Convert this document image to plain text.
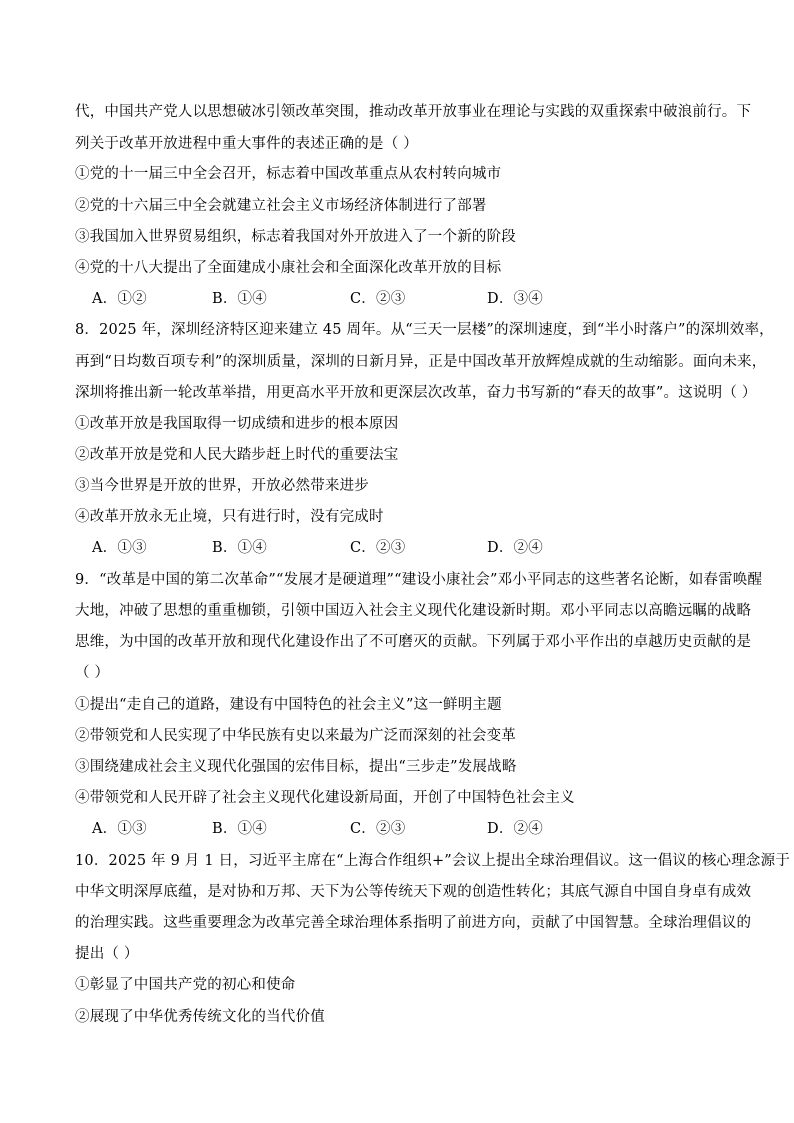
代，中国共产党人以思想破冰引领改革突围，推动改革开放事业在理论与实践的双重探索中破浪前行。下
列关于改革开放进程中重大事件的表述正确的是（ ）
①党的十一届三中全会召开，标志着中国改革重点从农村转向城市
②党的十六届三中全会就建立社会主义市场经济体制进行了部署
③我国加入世界贸易组织，标志着我国对外开放进入了一个新的阶段
④党的十八大提出了全面建成小康社会和全面深化改革开放的目标
A．①②	B．①④	C．②③	D．③④
8．2025 年，深圳经济特区迎来建立 45 周年。从“三天一层楼”的深圳速度，到“半小时落户”的深圳效率，
再到“日均数百项专利”的深圳质量，深圳的日新月异，正是中国改革开放辉煌成就的生动缩影。面向未来，
深圳将推出新一轮改革举措，用更高水平开放和更深层次改革，奋力书写新的“春天的故事”。这说明（ ）
①改革开放是我国取得一切成绩和进步的根本原因
②改革开放是党和人民大踏步赶上时代的重要法宝
③当今世界是开放的世界，开放必然带来进步
④改革开放永无止境，只有进行时，没有完成时
A．①③	B．①④	C．②③	D．②④
9．“改革是中国的第二次革命”“发展才是硬道理”“建设小康社会”邓小平同志的这些著名论断，如春雷唤醒
大地，冲破了思想的重重枷锁，引领中国迈入社会主义现代化建设新时期。邓小平同志以高瞻远瞩的战略
思维，为中国的改革开放和现代化建设作出了不可磨灭的贡献。下列属于邓小平作出的卓越历史贡献的是
（ ）
①提出“走自己的道路，建设有中国特色的社会主义”这一鲜明主题
②带领党和人民实现了中华民族有史以来最为广泛而深刻的社会变革
③围绕建成社会主义现代化强国的宏伟目标，提出“三步走”发展战略
④带领党和人民开辟了社会主义现代化建设新局面，开创了中国特色社会主义
A．①③	B．①④	C．②③	D．②④
10．2025 年 9 月 1 日，习近平主席在“上海合作组织+”会议上提出全球治理倡议。这一倡议的核心理念源于
中华文明深厚底蕴，是对协和万邦、天下为公等传统天下观的创造性转化；其底气源自中国自身卓有成效
的治理实践。这些重要理念为改革完善全球治理体系指明了前进方向，贡献了中国智慧。全球治理倡议的
提出（ ）
①彰显了中国共产党的初心和使命
②展现了中华优秀传统文化的当代价值
